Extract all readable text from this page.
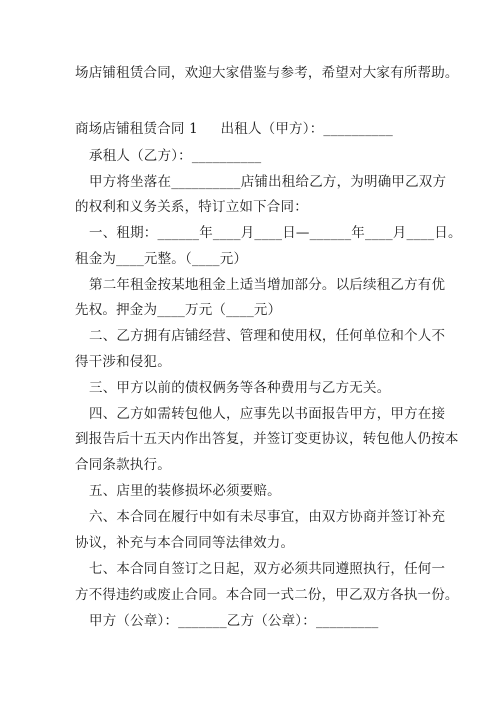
场店铺租赁合同，欢迎大家借鉴与参考，希望对大家有所帮助。
商场店铺租赁合同 1 　 出租人（甲方）：__________
承租人（乙方）：__________
甲方将坐落在__________店铺出租给乙方，为明确甲乙双方
的权利和义务关系，特订立如下合同：
一、租期：______年____月____日—______年____月____日。
租金为____元整。（____元）
第二年租金按某地租金上适当增加部分。以后续租乙方有优
先权。押金为____万元（____元）
二、乙方拥有店铺经营、管理和使用权，任何单位和个人不
得干涉和侵犯。
三、甲方以前的债权俩务等各种费用与乙方无关。
四、乙方如需转包他人，应事先以书面报告甲方，甲方在接
到报告后十五天内作出答复，并签订变更协议，转包他人仍按本
合同条款执行。
五、店里的装修损坏必须要赔。
六、本合同在履行中如有未尽事宜，由双方协商并签订补充
协议，补充与本合同同等法律效力。
七、本合同自签订之日起，双方必须共同遵照执行，任何一
方不得违约或废止合同。本合同一式二份，甲乙双方各执一份。
甲方（公章）：_______乙方（公章）：_________
